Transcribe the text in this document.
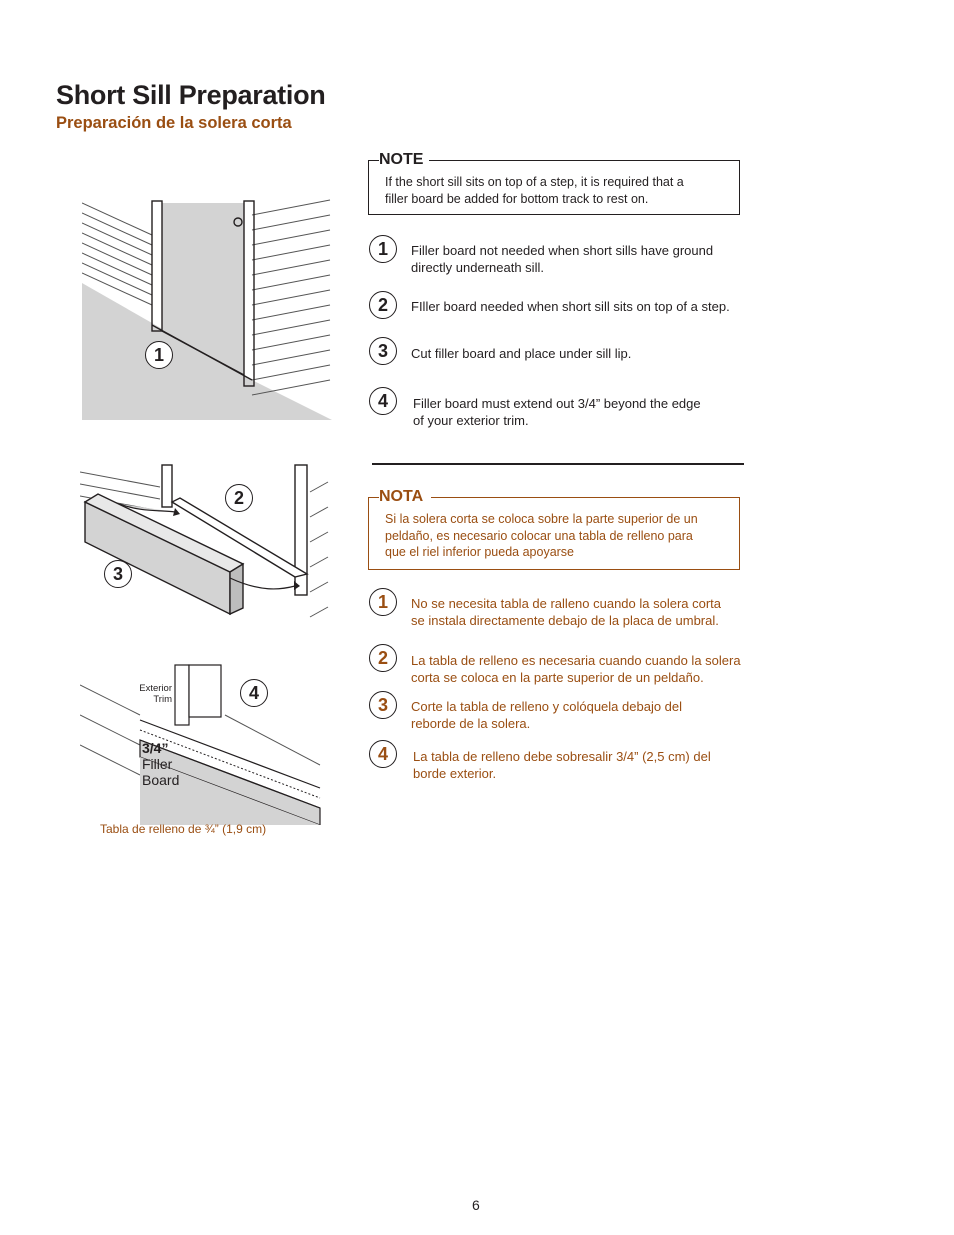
Short Sill Preparation
Preparación de la solera corta
1
2
3
4
Exterior
Trim
3/4”
Filler
Board
Tabla de relleno de ¾” (1,9 cm)
NOTE
If the short sill sits on top of a step, it is required that a
filler board be added for bottom track to rest on.
1	Filler board not needed when short sills have ground
directly underneath sill.
2	FIller board needed when short sill sits on top of a step.
3	Cut filler board and place under sill lip.
4	Filler board must extend out 3/4” beyond the edge
of your exterior trim.
NOTA
Si la solera corta se coloca sobre la parte superior de un
peldaño, es necesario colocar una tabla de relleno para
que el riel inferior pueda apoyarse
1	No se necesita tabla de ralleno cuando la solera corta
se instala directamente debajo de la placa de umbral.
2	La tabla de relleno es necesaria cuando cuando la solera
corta se coloca en la parte superior de un peldaño.
3	Corte la tabla de relleno y colóquela debajo del
reborde de la solera.
4	La tabla de relleno debe sobresalir 3/4” (2,5 cm) del
borde exterior.
6
